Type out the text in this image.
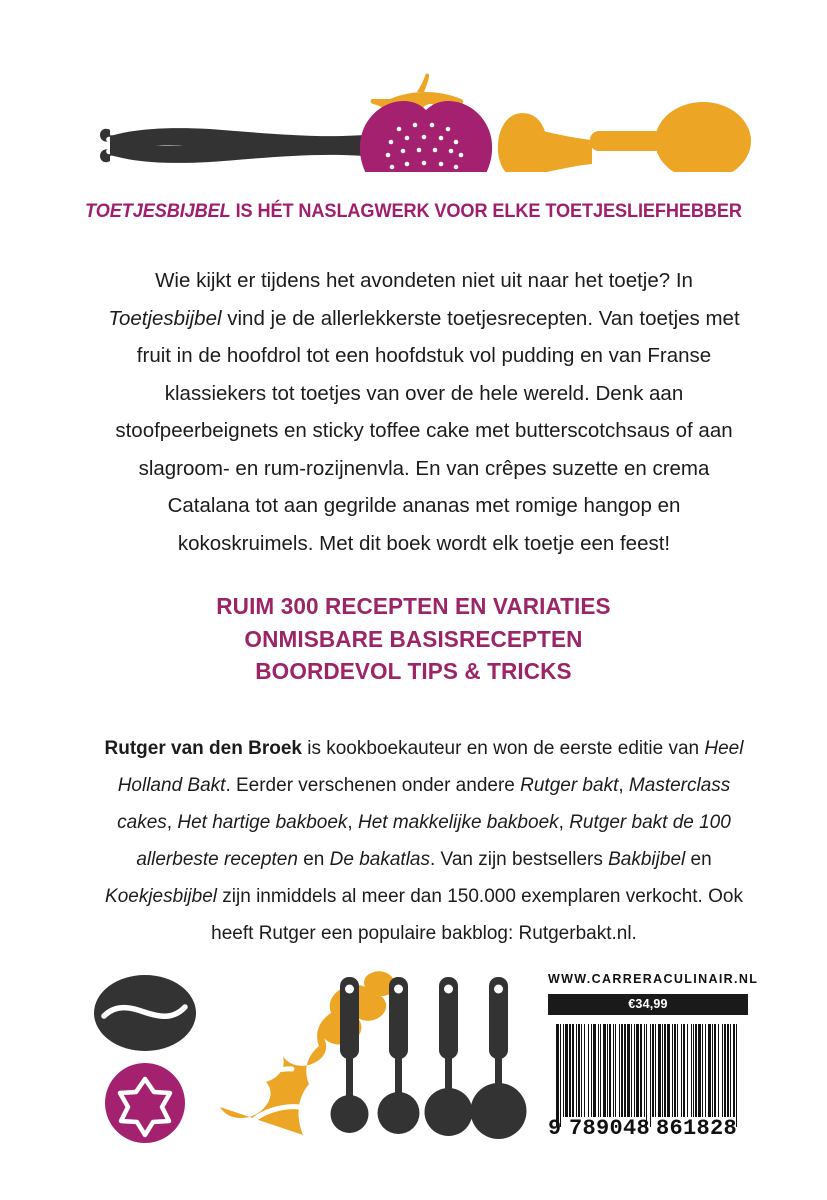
TOETJESBIJBEL IS HÉT NASLAGWERK VOOR ELKE TOETJESLIEFHEBBER
Wie kijkt er tijdens het avondeten niet uit naar het toetje? In Toetjesbijbel vind je de allerlekkerste toetjesrecepten. Van toetjes met fruit in de hoofdrol tot een hoofdstuk vol pudding en van Franse klassiekers tot toetjes van over de hele wereld. Denk aan stoofpeerbeignets en sticky toffee cake met butterscotchsaus of aan slagroom- en rum-rozijnenvla. En van crêpes suzette en crema Catalana tot aan gegrilde ananas met romige hangop en kokoskruimels. Met dit boek wordt elk toetje een feest!
RUIM 300 RECEPTEN EN VARIATIES
ONMISBARE BASISRECEPTEN
BOORDEVOL TIPS & TRICKS
Rutger van den Broek is kookboekauteur en won de eerste editie van Heel Holland Bakt. Eerder verschenen onder andere Rutger bakt, Masterclass cakes, Het hartige bakboek, Het makkelijke bakboek, Rutger bakt de 100 allerbeste recepten en De bakatlas. Van zijn bestsellers Bakbijbel en Koekjesbijbel zijn inmiddels al meer dan 150.000 exemplaren verkocht. Ook heeft Rutger een populaire bakblog: Rutgerbakt.nl.
WWW.CARRERACULINAIR.NL
€34,99
9 789048 861828
